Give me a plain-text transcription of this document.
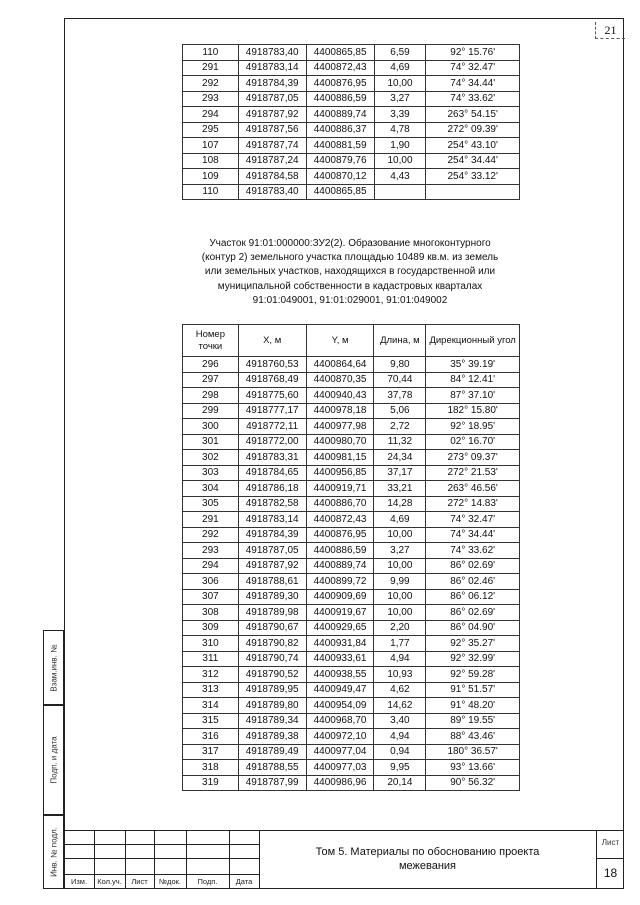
21
Взам.инв. №
Подп. и дата
Инв. № подл.
110	4918783,40	4400865,85	6,59	92° 15.76'
291	4918783,14	4400872,43	4,69	74° 32.47'
292	4918784,39	4400876,95	10,00	74° 34.44'
293	4918787,05	4400886,59	3,27	74° 33.62'
294	4918787,92	4400889,74	3,39	263° 54.15'
295	4918787,56	4400886,37	4,78	272° 09.39'
107	4918787,74	4400881,59	1,90	254° 43.10'
108	4918787,24	4400879,76	10,00	254° 34.44'
109	4918784,58	4400870,12	4,43	254° 33.12'
110	4918783,40	4400865,85		
Участок 91:01:000000:ЗУ2(2). Образование многоконтурного
(контур 2) земельного участка площадью 10489 кв.м. из земель
или земельных участков, находящихся в государственной или
муниципальной собственности в кадастровых кварталах
91:01:049001, 91:01:029001, 91:01:049002
Номер точки	X, м	Y, м	Длина, м	Дирекционный угол
296	4918760,53	4400864,64	9,80	35° 39.19'
297	4918768,49	4400870,35	70,44	84° 12.41'
298	4918775,60	4400940,43	37,78	87° 37.10'
299	4918777,17	4400978,18	5,06	182° 15.80'
300	4918772,11	4400977,98	2,72	92° 18.95'
301	4918772,00	4400980,70	11,32	02° 16.70'
302	4918783,31	4400981,15	24,34	273° 09.37'
303	4918784,65	4400956,85	37,17	272° 21.53'
304	4918786,18	4400919,71	33,21	263° 46.56'
305	4918782,58	4400886,70	14,28	272° 14.83'
291	4918783,14	4400872,43	4,69	74° 32.47'
292	4918784,39	4400876,95	10,00	74° 34.44'
293	4918787,05	4400886,59	3,27	74° 33.62'
294	4918787,92	4400889,74	10,00	86° 02.69'
306	4918788,61	4400899,72	9,99	86° 02.46'
307	4918789,30	4400909,69	10,00	86° 06.12'
308	4918789,98	4400919,67	10,00	86° 02.69'
309	4918790,67	4400929,65	2,20	86° 04.90'
310	4918790,82	4400931,84	1,77	92° 35.27'
311	4918790,74	4400933,61	4,94	92° 32.99'
312	4918790,52	4400938,55	10,93	92° 59.28'
313	4918789,95	4400949,47	4,62	91° 51.57'
314	4918789,80	4400954,09	14,62	91° 48.20'
315	4918789,34	4400968,70	3,40	89° 19.55'
316	4918789,38	4400972,10	4,94	88° 43.46'
317	4918789,49	4400977,04	0,94	180° 36.57'
318	4918788,55	4400977,03	9,95	93° 13.66'
319	4918787,99	4400986,96	20,14	90° 56.32'
Изм.	Кол.уч.	Лист	№док.	Подп.	Дата
Том 5. Материалы по обоснованию проекта
межевания
Лист
18
